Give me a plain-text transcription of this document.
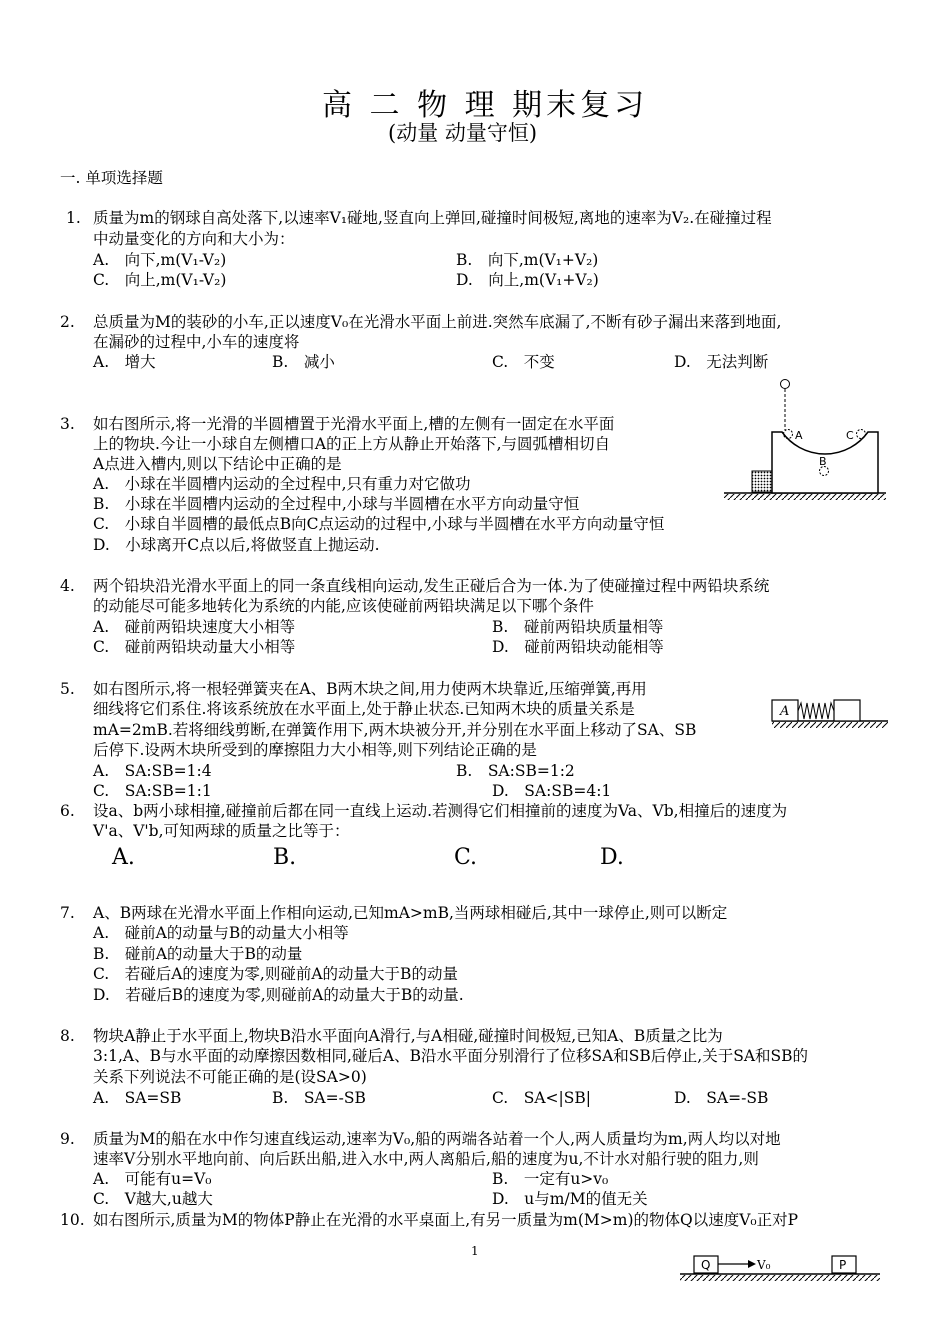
高 二 物 理 期末复习
(动量 动量守恒)
一. 单项选择题
1. 质量为m的钢球自高处落下,以速率V₁碰地,竖直向上弹回,碰撞时间极短,离地的速率为V₂.在碰撞过程
中动量变化的方向和大小为：
A.　向下,m(V₁-V₂)	B.　向下,m(V₁+V₂)
C.　向上,m(V₁-V₂)	D.　向上,m(V₁+V₂)
2. 总质量为M的装砂的小车,正以速度V₀在光滑水平面上前进.突然车底漏了,不断有砂子漏出来落到地面,
在漏砂的过程中,小车的速度将
A.　增大	B.　减小	C.　不变	D.　无法判断
3. 如右图所示,将一光滑的半圆槽置于光滑水平面上,槽的左侧有一固定在水平面
上的物块.今让一小球自左侧槽口A的正上方从静止开始落下,与圆弧槽相切自
A点进入槽内,则以下结论中正确的是
A.　小球在半圆槽内运动的全过程中,只有重力对它做功
B.　小球在半圆槽内运动的全过程中,小球与半圆槽在水平方向动量守恒
C.　小球自半圆槽的最低点B向C点运动的过程中,小球与半圆槽在水平方向动量守恒
D.　小球离开C点以后,将做竖直上抛运动.
A
B
C
4. 两个铅块沿光滑水平面上的同一条直线相向运动,发生正碰后合为一体.为了使碰撞过程中两铅块系统
的动能尽可能多地转化为系统的内能,应该使碰前两铅块满足以下哪个条件
A.　碰前两铅块速度大小相等	B.　碰前两铅块质量相等
C.　碰前两铅块动量大小相等	D.　碰前两铅块动能相等
5. 如右图所示,将一根轻弹簧夹在A、B两木块之间,用力使两木块靠近,压缩弹簧,再用
细线将它们系住.将该系统放在水平面上,处于静止状态.已知两木块的质量关系是
mA=2mB.若将细线剪断,在弹簧作用下,两木块被分开,并分别在水平面上移动了SA、SB
后停下.设两木块所受到的摩擦阻力大小相等,则下列结论正确的是
A.　SA:SB=1:4	B.　SA:SB=1:2
C.　SA:SB=1:1	D.　SA:SB=4:1
A
6. 设a、b两小球相撞,碰撞前后都在同一直线上运动.若测得它们相撞前的速度为Va、Vb,相撞后的速度为
V'a、V'b,可知两球的质量之比等于：
A.	B.	C.	D.
7. A、B两球在光滑水平面上作相向运动,已知mA>mB,当两球相碰后,其中一球停止,则可以断定
A.　碰前A的动量与B的动量大小相等
B.　碰前A的动量大于B的动量
C.　若碰后A的速度为零,则碰前A的动量大于B的动量
D.　若碰后B的速度为零,则碰前A的动量大于B的动量.
8. 物块A静止于水平面上,物块B沿水平面向A滑行,与A相碰,碰撞时间极短,已知A、B质量之比为
3:1,A、B与水平面的动摩擦因数相同,碰后A、B沿水平面分别滑行了位移SA和SB后停止,关于SA和SB的
关系下列说法不可能正确的是(设SA>0)
A.　SA=SB	B.　SA=-SB	C.　SA<|SB|	D.　SA=-SB
9. 质量为M的船在水中作匀速直线运动,速率为V₀,船的两端各站着一个人,两人质量均为m,两人均以对地
速率V分别水平地向前、向后跃出船,进入水中,两人离船后,船的速度为u,不计水对船行驶的阻力,则
A.　可能有u=V₀	B.　一定有u>v₀
C.　V越大,u越大	D.　u与m/M的值无关
10. 如右图所示,质量为M的物体P静止在光滑的水平桌面上,有另一质量为m(M>m)的物体Q以速度V₀正对P
Q	V₀	P
1
